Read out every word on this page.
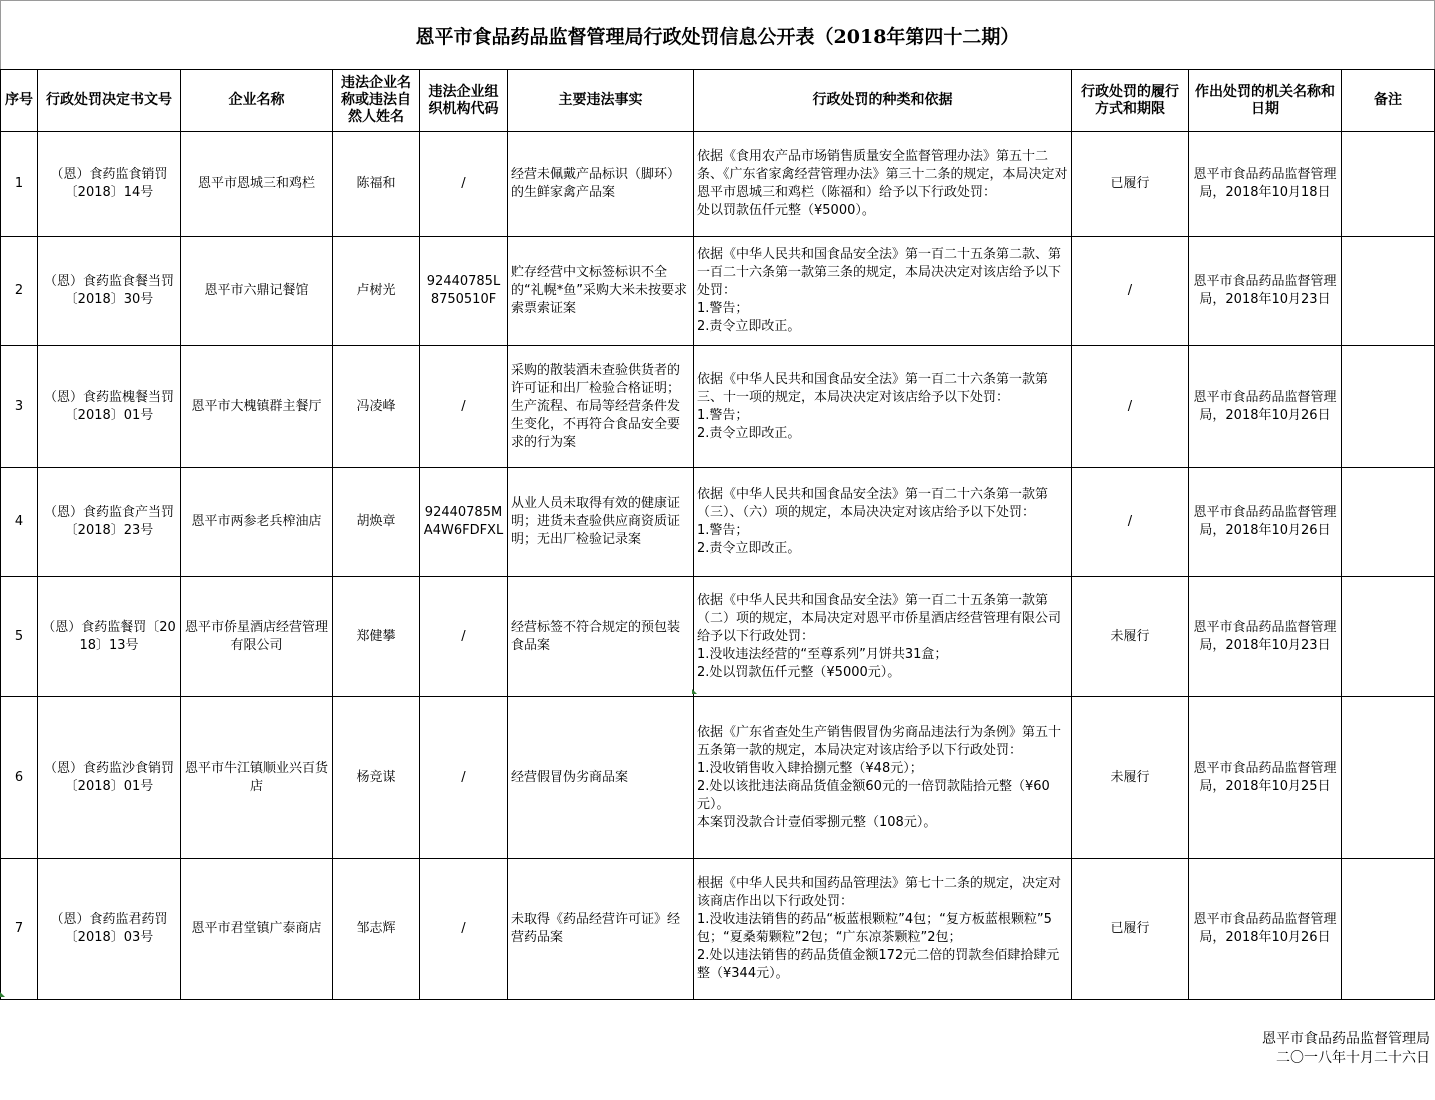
恩平市食品药品监督管理局行政处罚信息公开表（2018年第四十二期）
序号	行政处罚决定书文号	企业名称	违法企业名称或违法自然人姓名	违法企业组织机构代码	主要违法事实	行政处罚的种类和依据	行政处罚的履行方式和期限	作出处罚的机关名称和日期	备注
1	（恩）食药监食销罚〔2018〕14号	恩平市恩城三和鸡栏	陈福和	/	经营未佩戴产品标识（脚环）的生鲜家禽产品案	依据《食用农产品市场销售质量安全监督管理办法》第五十二条、《广东省家禽经营管理办法》第三十二条的规定，本局决定对恩平市恩城三和鸡栏（陈福和）给予以下行政处罚：
处以罚款伍仟元整（¥5000）。	已履行	恩平市食品药品监督管理局，2018年10月18日	
2	（恩）食药监食餐当罚〔2018〕30号	恩平市六鼎记餐馆	卢树光	92440785L8750510F	贮存经营中文标签标识不全的“礼幌*鱼”采购大米未按要求索票索证案	依据《中华人民共和国食品安全法》第一百二十五条第二款、第一百二十六条第一款第三条的规定，本局决决定对该店给予以下处罚：
1.警告；
2.责令立即改正。	/	恩平市食品药品监督管理局，2018年10月23日	
3	（恩）食药监槐餐当罚〔2018〕01号	恩平市大槐镇群主餐厅	冯凌峰	/	采购的散装酒未查验供货者的许可证和出厂检验合格证明；生产流程、布局等经营条件发生变化，不再符合食品安全要求的行为案	依据《中华人民共和国食品安全法》第一百二十六条第一款第三、十一项的规定，本局决决定对该店给予以下处罚：
1.警告；
2.责令立即改正。	/	恩平市食品药品监督管理局，2018年10月26日	
4	（恩）食药监食产当罚〔2018〕23号	恩平市两参老兵榨油店	胡焕章	92440785MA4W6FDFXL	从业人员未取得有效的健康证明；进货未查验供应商资质证明；无出厂检验记录案	依据《中华人民共和国食品安全法》第一百二十六条第一款第（三）、（六）项的规定，本局决决定对该店给予以下处罚：
1.警告；
2.责令立即改正。	/	恩平市食品药品监督管理局，2018年10月26日	
5	（恩）食药监餐罚〔2018〕13号	恩平市侨星酒店经营管理有限公司	郑健攀	/	经营标签不符合规定的预包装食品案	依据《中华人民共和国食品安全法》第一百二十五条第一款第（二）项的规定，本局决定对恩平市侨星酒店经营管理有限公司给予以下行政处罚：
1.没收违法经营的“至尊系列”月饼共31盒；
2.处以罚款伍仟元整（¥5000元）。	未履行	恩平市食品药品监督管理局，2018年10月23日	
6	（恩）食药监沙食销罚〔2018〕01号	恩平市牛江镇顺业兴百货店	杨竞谋	/	经营假冒伪劣商品案	依据《广东省查处生产销售假冒伪劣商品违法行为条例》第五十五条第一款的规定，本局决定对该店给予以下行政处罚：
1.没收销售收入肆拾捌元整（¥48元）；
2.处以该批违法商品货值金额60元的一倍罚款陆拾元整（¥60元）。
本案罚没款合计壹佰零捌元整（108元）。	未履行	恩平市食品药品监督管理局，2018年10月25日	
7	（恩）食药监君药罚〔2018〕03号	恩平市君堂镇广泰商店	邹志辉	/	未取得《药品经营许可证》经营药品案	根据《中华人民共和国药品管理法》第七十二条的规定，决定对该商店作出以下行政处罚：
1.没收违法销售的药品“板蓝根颗粒”4包；“复方板蓝根颗粒”5包；“夏桑菊颗粒”2包；“广东凉茶颗粒”2包；
2.处以违法销售的药品货值金额172元二倍的罚款叁佰肆拾肆元整（¥344元）。	已履行	恩平市食品药品监督管理局，2018年10月26日	
恩平市食品药品监督管理局
二〇一八年十月二十六日
